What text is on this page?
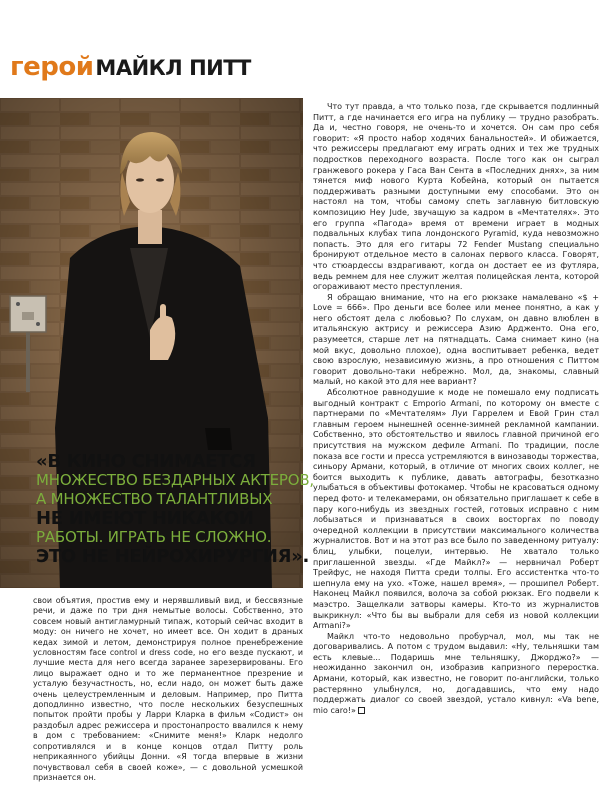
герой МАЙКЛ ПИТТ
«В КИНО СНИМАЕТСЯ
МНОЖЕСТВО БЕЗДАРНЫХ АКТЕРОВ,
А МНОЖЕСТВО ТАЛАНТЛИВЫХ
НЕ ИМЕЮТ НИКАКОЙ
РАБОТЫ. ИГРАТЬ НЕ СЛОЖНО.
ЭТО НЕ НЕЙРОХИРУРГИЯ».

свои объятия, простив ему и нерявшливый вид, и бессвязные речи, и даже по три дня немытые волосы. Собственно, это совсем новый антигламурный типаж, который сейчас входит в моду: он ничего не хочет, но имеет все. Он ходит в драных кедах зимой и летом, демонстрируя полное пренебрежение условностям face control и dress code, но его везде пускают, и лучшие места для него всегда заранее зарезервированы. Его лицо выражает одно и то же перманентное презрение и усталую безучастность, но, если надо, он может быть даже очень целеустремленным и деловым. Например, про Питта доподлинно известно, что после нескольких безуспешных попыток пройти пробы у Ларри Кларка в фильм «Содист» он раздобыл адрес режиссера и простонапросто ввалился к нему в дом с требованием: «Снимите меня!» Кларк недолго сопротивлялся и в конце концов отдал Питту роль неприкаянного убийцы Донни. «Я тогда впервые в жизни почувствовал себя в своей коже», — с довольной усмешкой признается он.

Что тут правда, а что только поза, где скрывается подлинный Питт, а где начинается его игра на публику — трудно разобрать. Да и, честно говоря, не очень-то и хочется. Он сам про себя говорит: «Я просто набор ходячих банальностей». И обижается, что режиссеры предлагают ему играть одних и тех же трудных подростков переходного возраста. После того как он сыграл гранжевого рокера у Гаса Ван Сента в «Последних днях», за ним тянется миф нового Курта Кобейна, который он пытается поддерживать разными доступными ему способами. Это он настоял на том, чтобы самому спеть заглавную битловскую композицию Hey Jude, звучащую за кадром в «Мечтателях». Это его группа «Пагода» время от времени играет в модных подвальных клубах типа лондонского Pyramid, куда невозможно попасть. Это для его гитары 72 Fender Mustang специально бронируют отдельное место в салонах первого класса. Говорят, что стюардессы вздрагивают, когда он достает ее из футляра, ведь ремнем для нее служит желтая полицейская лента, которой огораживают место преступления.

Я обращаю внимание, что на его рюкзаке намалевано «$ + Love = 666». Про деньги все более или менее понятно, а как у него обстоят дела с любовью? По слухам, он давно влюблен в итальянскую актрису и режиссера Азию Ардженто. Она его, разумеется, старше лет на пятнадцать. Сама снимает кино (на мой вкус, довольно плохое), одна воспитывает ребенка, ведет свою взрослую, независимую жизнь, а про отношения с Питтом говорит довольно-таки небрежно. Мол, да, знакомы, славный малый, но какой это для нее вариант?

Абсолютное равнодушие к моде не помешало ему подписать выгодный контракт с Emporio Armani, по которому он вместе с партнерами по «Мечтателям» Луи Гаррелем и Евой Грин стал главным героем нынешней осенне-зимней рекламной кампании. Собственно, это обстоятельство и явилось главной причиной его присутствия на мужском дефиле Armani. По традиции, после показа все гости и пресса устремляются в винозаводы торжества, синьору Армани, который, в отличие от многих своих коллег, не боится выходить к публике, давать автографы, безотказно улыбаться в объективы фотокамер. Чтобы не красоваться одному перед фото- и телекамерами, он обязательно приглашает к себе в пару кого-нибудь из звездных гостей, готовых исправно с ним лобызаться и признаваться в своих восторгах по поводу очередной коллекции в присутствии максимального количества журналистов. Вот и на этот раз все было по заведенному ритуалу: блиц, улыбки, поцелуи, интервью. Не хватало только приглашенной звезды. «Где Майкл?» — нервничал Роберт Трейфус, не находя Питта среди толпы. Его ассистентка что-то шепнула ему на ухо. «Тоже, нашел время», — прошипел Роберт. Наконец Майкл появился, волоча за собой рюкзак. Его подвели к маэстро. Защелкали затворы камеры. Кто-то из журналистов выкрикнул: «Что бы вы выбрали для себя из новой коллекции Armani?»

Майкл что-то недовольно пробурчал, мол, мы так не договаривались. А потом с трудом выдавил: «Ну, тельняшки там есть клевые... Подаришь мне тельняшку, Джорджо?» — неожиданно закончил он, изобразив капризного переростка. Армани, который, как известно, не говорит по-английски, только растерянно улыбнулся, но, догадавшись, что ему надо поддержать диалог со своей звездой, устало кивнул: «Va bene, mio caro!»
